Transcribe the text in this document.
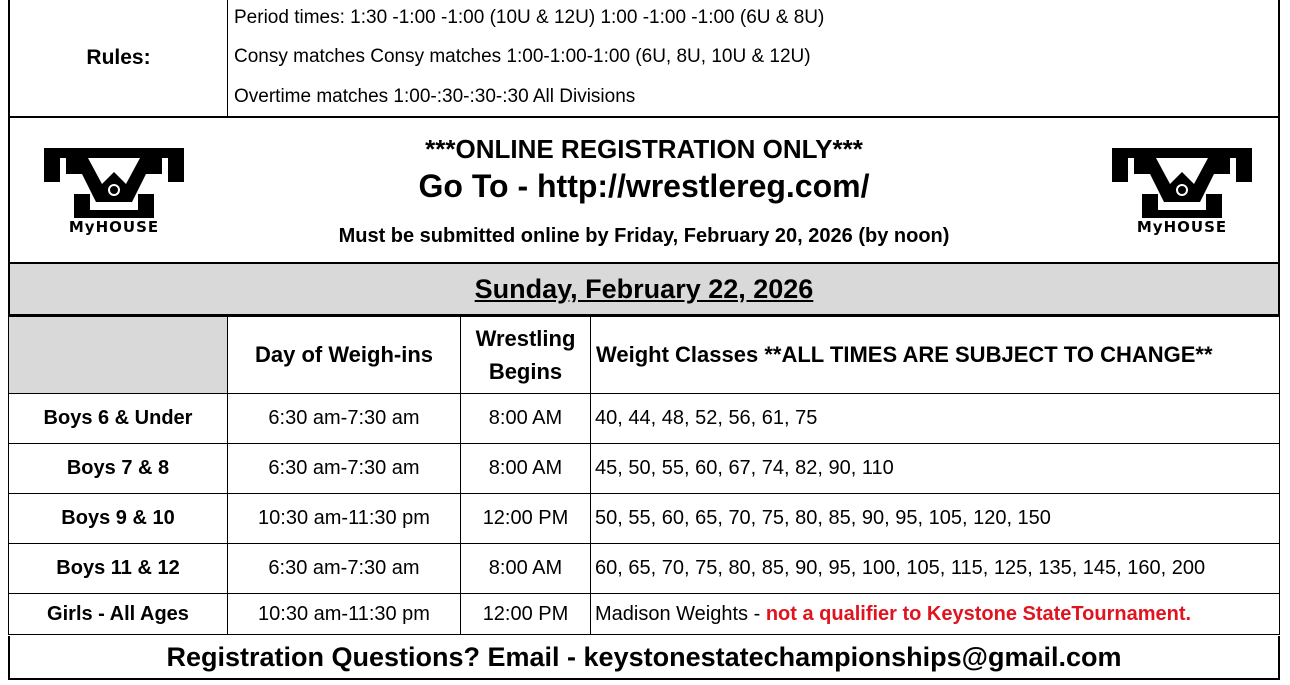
Rules:
Period times: 1:30 -1:00 -1:00 (10U & 12U) 1:00 -1:00 -1:00 (6U & 8U)
Consy matches Consy matches 1:00-1:00-1:00 (6U, 8U, 10U & 12U)
Overtime matches 1:00-:30-:30-:30 All Divisions
MyHOUSE
***ONLINE REGISTRATION ONLY***
Go To - http://wrestlereg.com/
Must be submitted online by Friday, February 20, 2026 (by noon)	MyHOUSE
Sunday, February 22, 2026
	Day of Weigh-ins	Wrestling Begins	Weight Classes **ALL TIMES ARE SUBJECT TO CHANGE**
Boys 6 & Under	6:30 am-7:30 am	8:00 AM	40, 44, 48, 52, 56, 61, 75
Boys 7 & 8	6:30 am-7:30 am	8:00 AM	45, 50, 55, 60, 67, 74, 82, 90, 110
Boys 9 & 10	10:30 am-11:30 pm	12:00 PM	50, 55, 60, 65, 70, 75, 80, 85, 90, 95, 105, 120, 150
Boys 11 & 12	6:30 am-7:30 am	8:00 AM	60, 65, 70, 75, 80, 85, 90, 95, 100, 105, 115, 125, 135, 145, 160, 200
Girls - All Ages	10:30 am-11:30 pm	12:00 PM	Madison Weights - not a qualifier to Keystone StateTournament.
Registration Questions? Email - keystonestatechampionships@gmail.com
